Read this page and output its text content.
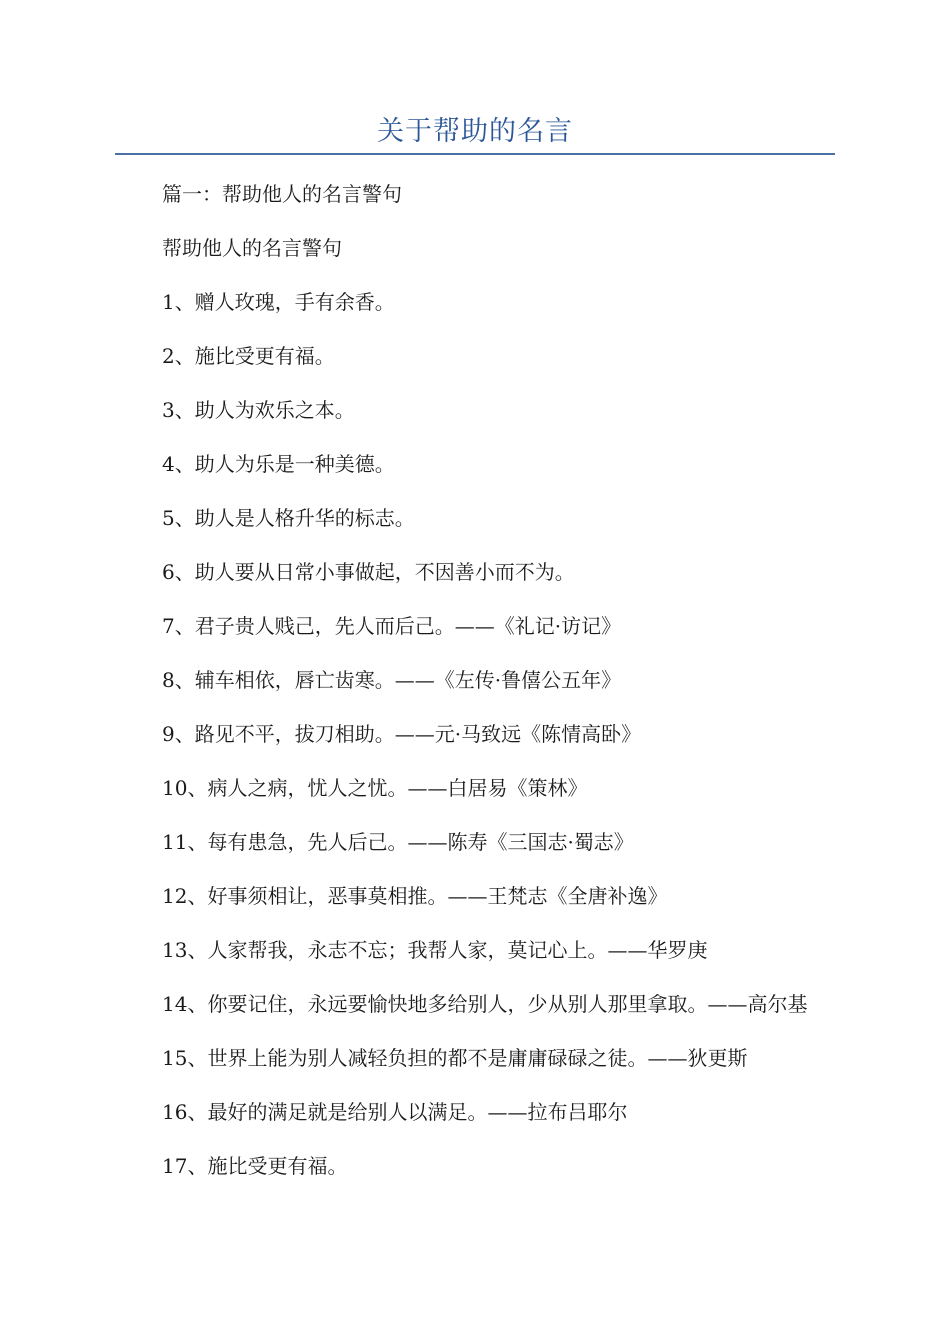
关于帮助的名言

篇一：帮助他人的名言警句

帮助他人的名言警句

1、赠人玫瑰，手有余香。

2、施比受更有福。

3、助人为欢乐之本。

4、助人为乐是一种美德。

5、助人是人格升华的标志。

6、助人要从日常小事做起，不因善小而不为。

7、君子贵人贱己，先人而后己。——《礼记·访记》

8、辅车相依，唇亡齿寒。——《左传·鲁僖公五年》

9、路见不平，拔刀相助。——元·马致远《陈情高卧》

10、病人之病，忧人之忧。——白居易《策林》

11、每有患急，先人后己。——陈寿《三国志·蜀志》

12、好事须相让，恶事莫相推。——王梵志《全唐补逸》

13、人家帮我，永志不忘；我帮人家，莫记心上。——华罗庚

14、你要记住，永远要愉快地多给别人，少从别人那里拿取。——高尔基

15、世界上能为别人减轻负担的都不是庸庸碌碌之徒。——狄更斯

16、最好的满足就是给别人以满足。——拉布吕耶尔

17、施比受更有福。
